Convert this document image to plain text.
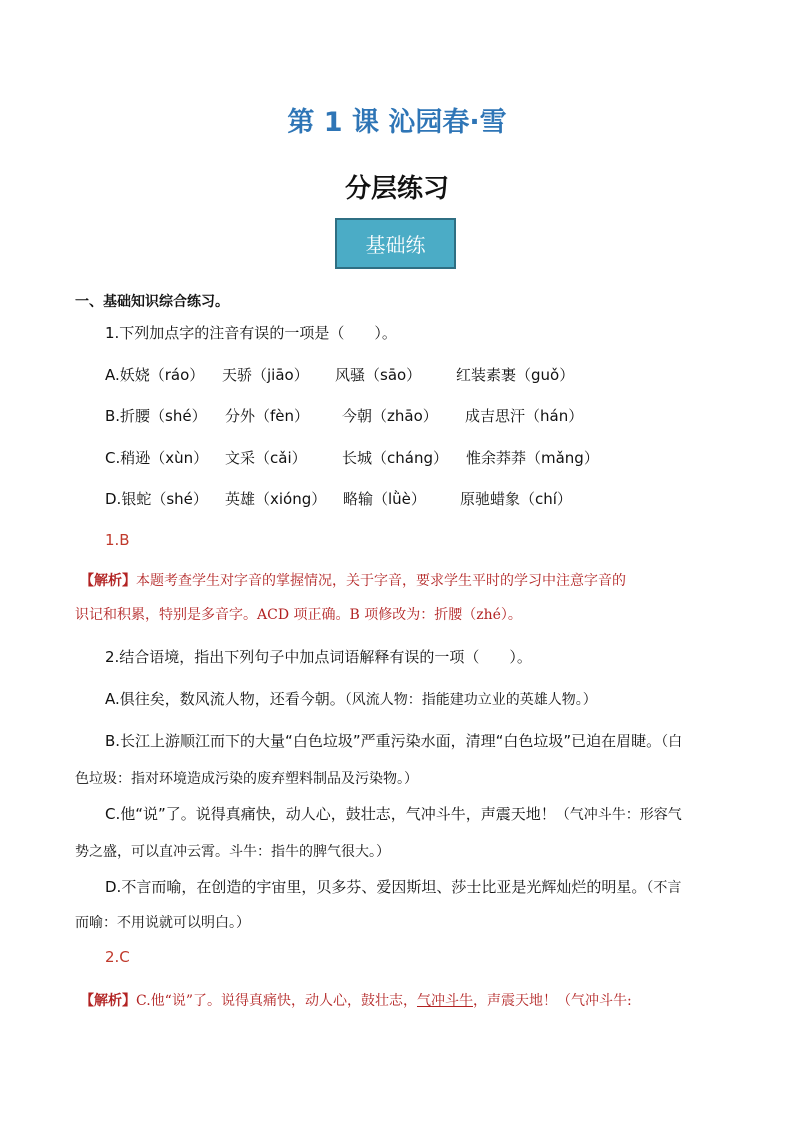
第 1 课 沁园春·雪
分层练习
基础练
一、基础知识综合练习。
1.下列加点字的注音有误的一项是（　　）。
A.妖娆（ráo） 天骄（jiāo） 风骚（sāo） 红装素裹（guǒ）
B.折腰（shé） 分外（fèn） 今朝（zhāo） 成吉思汗（hán）
C.稍逊（xùn） 文采（cǎi） 长城（cháng） 惟余莽莽（mǎng）
D.银蛇（shé） 英雄（xióng） 略输（lǜè） 原驰蜡象（chí）
1.B
【解析】本题考查学生对字音的掌握情况，关于字音，要求学生平时的学习中注意字音的
识记和积累，特别是多音字。ACD 项正确。B 项修改为：折腰（zhé）。
2.结合语境，指出下列句子中加点词语解释有误的一项（　　）。
A.俱往矣，数风流人物，还看今朝。（风流人物：指能建功立业的英雄人物。）
B.长江上游顺江而下的大量“白色垃圾”严重污染水面，清理“白色垃圾”已迫在眉睫。（白
色垃圾：指对环境造成污染的废弃塑料制品及污染物。）
C.他“说”了。说得真痛快，动人心，鼓壮志，气冲斗牛，声震天地！（气冲斗牛：形容气
势之盛，可以直冲云霄。斗牛：指牛的脾气很大。）
D.不言而喻，在创造的宇宙里，贝多芬、爱因斯坦、莎士比亚是光辉灿烂的明星。（不言
而喻：不用说就可以明白。）
2.C
【解析】C.他“说”了。说得真痛快，动人心，鼓壮志，气冲斗牛，声震天地！（气冲斗牛:
